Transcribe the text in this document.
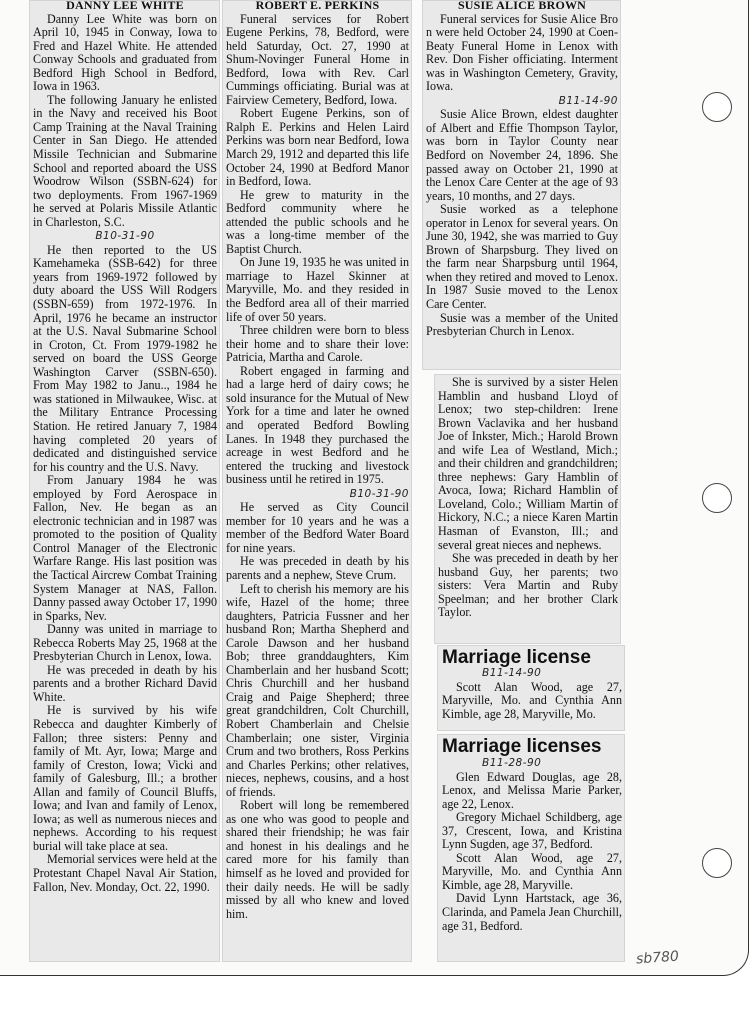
DANNY LEE WHITE

Danny Lee White was born on April 10, 1945 in Conway, Iowa to Fred and Hazel White. He attended Conway Schools and graduated from Bedford High School in Bedford, Iowa in 1963.

The following January he enlisted in the Navy and received his Boot Camp Training at the Naval Training Center in San Diego. He attended Missile Technician and Submarine School and reported aboard the USS Woodrow Wilson (SSBN-624) for two deployments. From 1967-1969 he served at Polaris Missile Atlantic in Charleston, S.C.

B10-31-90

He then reported to the US Kamehameka (SSB-642) for three years from 1969-1972 followed by duty aboard the USS Will Rodgers (SSBN-659) from 1972-1976. In April, 1976 he became an instructor at the U.S. Naval Submarine School in Croton, Ct. From 1979-1982 he served on board the USS George Washington Carver (SSBN-650). From May 1982 to Janu.., 1984 he was stationed in Milwaukee, Wisc. at the Military Entrance Processing Station. He retired January 7, 1984 having completed 20 years of dedicated and distinguished service for his country and the U.S. Navy.

From January 1984 he was employed by Ford Aerospace in Fallon, Nev. He began as an electronic technician and in 1987 was promoted to the position of Quality Control Manager of the Electronic Warfare Range. His last position was the Tactical Aircrew Combat Training System Manager at NAS, Fallon. Danny passed away October 17, 1990 in Sparks, Nev.

Danny was united in marriage to Rebecca Roberts May 25, 1968 at the Presbyterian Church in Lenox, Iowa.

He was preceded in death by his parents and a brother Richard David White.

He is survived by his wife Rebecca and daughter Kimberly of Fallon; three sisters: Penny and family of Mt. Ayr, Iowa; Marge and family of Creston, Iowa; Vicki and family of Galesburg, Ill.; a brother Allan and family of Council Bluffs, Iowa; and Ivan and family of Lenox, Iowa; as well as numerous nieces and nephews. According to his request burial will take place at sea.

Memorial services were held at the Protestant Chapel Naval Air Station, Fallon, Nev. Monday, Oct. 22, 1990.

ROBERT E. PERKINS

Funeral services for Robert Eugene Perkins, 78, Bedford, were held Saturday, Oct. 27, 1990 at Shum-Novinger Funeral Home in Bedford, Iowa with Rev. Carl Cummings officiating. Burial was at Fairview Cemetery, Bedford, Iowa.

Robert Eugene Perkins, son of Ralph E. Perkins and Helen Laird Perkins was born near Bedford, Iowa March 29, 1912 and departed this life October 24, 1990 at Bedford Manor in Bedford, Iowa.

He grew to maturity in the Bedford community where he attended the public schools and he was a long-time member of the Baptist Church.

On June 19, 1935 he was united in marriage to Hazel Skinner at Maryville, Mo. and they resided in the Bedford area all of their married life of over 50 years.

Three children were born to bless their home and to share their love: Patricia, Martha and Carole.

Robert engaged in farming and had a large herd of dairy cows; he sold insurance for the Mutual of New York for a time and later he owned and operated Bedford Bowling Lanes. In 1948 they purchased the acreage in west Bedford and he entered the trucking and livestock business until he retired in 1975.

B10-31-90

He served as City Council member for 10 years and he was a member of the Bedford Water Board for nine years.

He was preceded in death by his parents and a nephew, Steve Crum.

Left to cherish his memory are his wife, Hazel of the home; three daughters, Patricia Fussner and her husband Ron; Martha Shepherd and Carole Dawson and her husband Bob; three granddaughters, Kim Chamberlain and her husband Scott; Chris Churchill and her husband Craig and Paige Shepherd; three great grandchildren, Colt Churchill, Robert Chamberlain and Chelsie Chamberlain; one sister, Virginia Crum and two brothers, Ross Perkins and Charles Perkins; other relatives, nieces, nephews, cousins, and a host of friends.

Robert will long be remembered as one who was good to people and shared their friendship; he was fair and honest in his dealings and he cared more for his family than himself as he loved and provided for their daily needs. He will be sadly missed by all who knew and loved him.

SUSIE ALICE BROWN

Funeral services for Susie Alice Bro n were held October 24, 1990 at Coen-Beaty Funeral Home in Lenox with Rev. Don Fisher officiating. Interment was in Washington Cemetery, Gravity, Iowa.

B11-14-90

Susie Alice Brown, eldest daughter of Albert and Effie Thompson Taylor, was born in Taylor County near Bedford on November 24, 1896. She passed away on October 21, 1990 at the Lenox Care Center at the age of 93 years, 10 months, and 27 days.

Susie worked as a telephone operator in Lenox for several years. On June 30, 1942, she was married to Guy Brown of Sharpsburg. They lived on the farm near Sharpsburg until 1964, when they retired and moved to Lenox. In 1987 Susie moved to the Lenox Care Center.

Susie was a member of the United Presbyterian Church in Lenox.

She is survived by a sister Helen Hamblin and husband Lloyd of Lenox; two step-children: Irene Brown Vaclavika and her husband Joe of Inkster, Mich.; Harold Brown and wife Lea of Westland, Mich.; and their children and grandchildren; three nephews: Gary Hamblin of Avoca, Iowa; Richard Hamblin of Loveland, Colo.; William Martin of Hickory, N.C.; a niece Karen Martin Hasman of Evanston, Ill.; and several great nieces and nephews.

She was preceded in death by her husband Guy, her parents; two sisters: Vera Martin and Ruby Speelman; and her brother Clark Taylor.

Marriage license

B11-14-90

Scott Alan Wood, age 27, Maryville, Mo. and Cynthia Ann Kimble, age 28, Maryville, Mo.

Marriage licenses

B11-28-90

Glen Edward Douglas, age 28, Lenox, and Melissa Marie Parker, age 22, Lenox.

Gregory Michael Schildberg, age 37, Crescent, Iowa, and Kristina Lynn Sugden, age 37, Bedford.

Scott Alan Wood, age 27, Maryville, Mo. and Cynthia Ann Kimble, age 28, Maryville.

David Lynn Hartstack, age 36, Clarinda, and Pamela Jean Churchill, age 31, Bedford.

sb780
